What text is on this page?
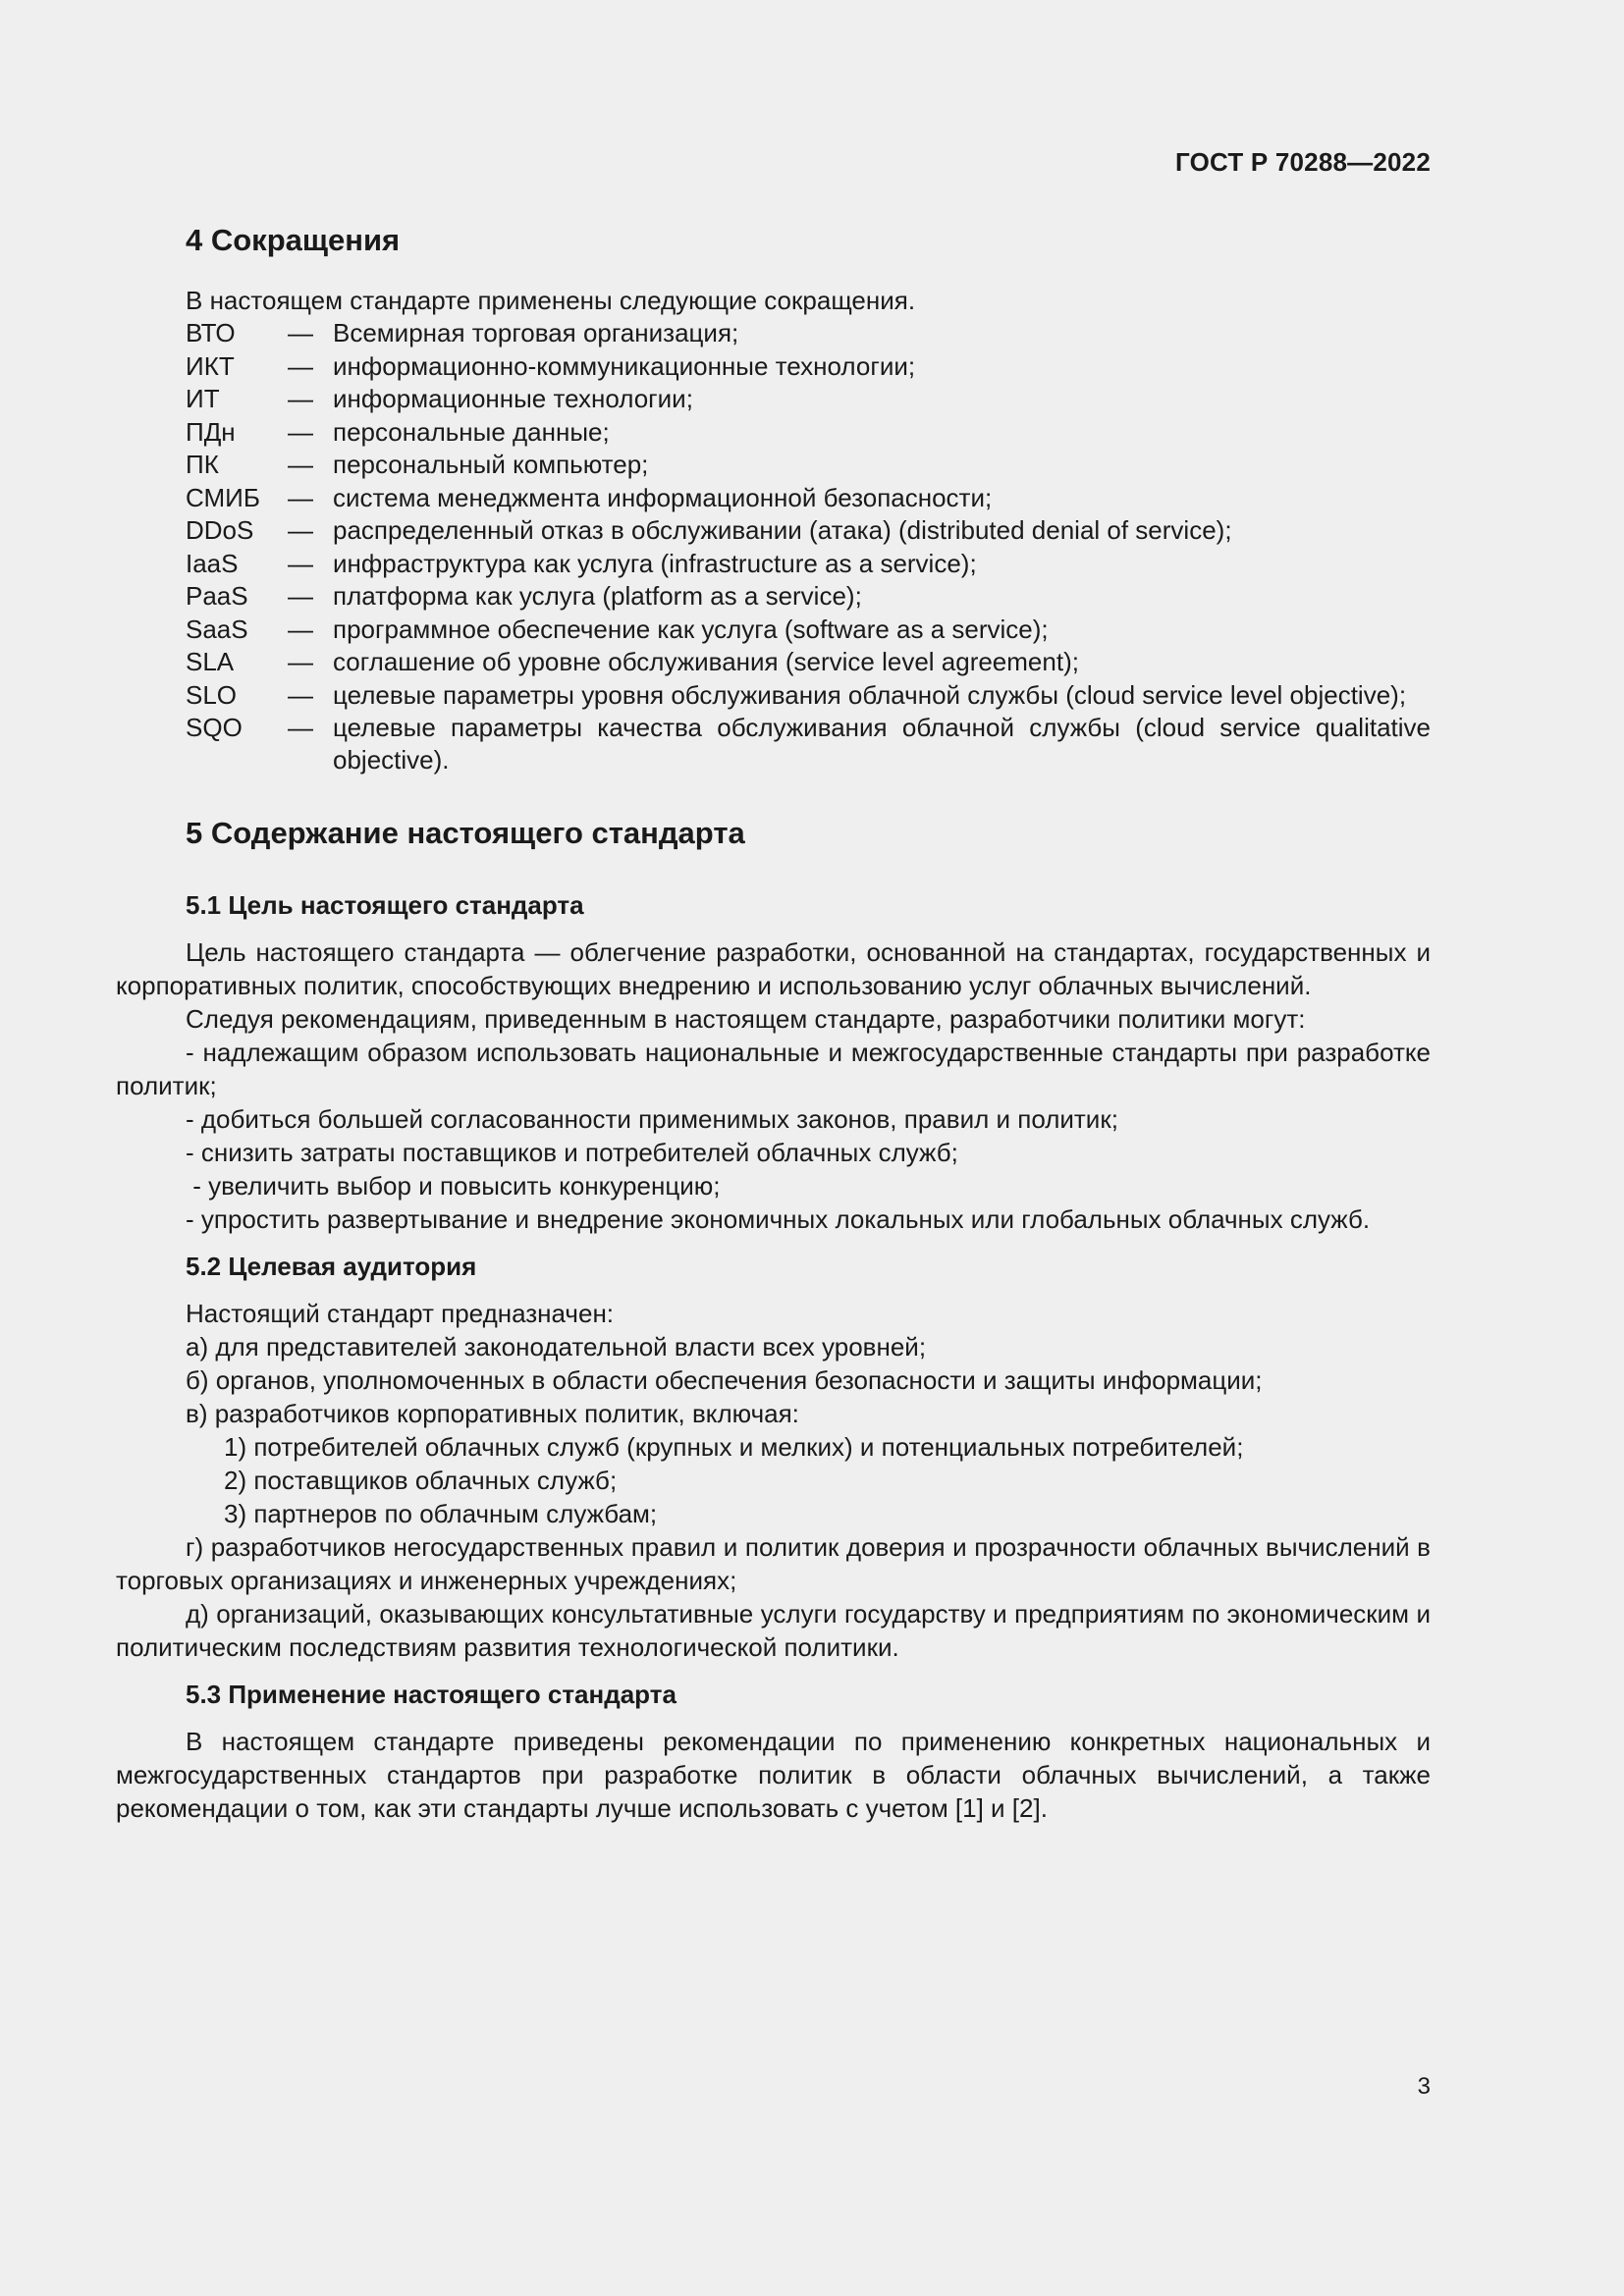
ГОСТ Р 70288—2022
4 Сокращения

В настоящем стандарте применены следующие сокращения.

ВТО	— Всемирная торговая организация;
ИКТ	— информационно-коммуникационные технологии;
ИТ	— информационные технологии;
ПДн	— персональные данные;
ПК	— персональный компьютер;
СМИБ	— система менеджмента информационной безопасности;
DDoS	— распределенный отказ в обслуживании (атака) (distributed denial of service);
IaaS	— инфраструктура как услуга (infrastructure as a service);
PaaS	— платформа как услуга (platform as a service);
SaaS	— программное обеспечение как услуга (software as a service);
SLA	— соглашение об уровне обслуживания (service level agreement);
SLO	— целевые параметры уровня обслуживания облачной службы (cloud service level objective);
SQO	— целевые параметры качества обслуживания облачной службы (cloud service qualitative objective).
5 Содержание настоящего стандарта
5.1 Цель настоящего стандарта

Цель настоящего стандарта — облегчение разработки, основанной на стандартах, государственных и корпоративных политик, способствующих внедрению и использованию услуг облачных вычислений.

Следуя рекомендациям, приведенным в настоящем стандарте, разработчики политики могут:

- надлежащим образом использовать национальные и межгосударственные стандарты при разработке политик;

- добиться большей согласованности применимых законов, правил и политик;

- снизить затраты поставщиков и потребителей облачных служб;

- увеличить выбор и повысить конкуренцию;

- упростить развертывание и внедрение экономичных локальных или глобальных облачных служб.

5.2 Целевая аудитория

Настоящий стандарт предназначен:

а) для представителей законодательной власти всех уровней;

б) органов, уполномоченных в области обеспечения безопасности и защиты информации;

в) разработчиков корпоративных политик, включая:

1) потребителей облачных служб (крупных и мелких) и потенциальных потребителей;

2) поставщиков облачных служб;

3) партнеров по облачным службам;

г) разработчиков негосударственных правил и политик доверия и прозрачности облачных вычислений в торговых организациях и инженерных учреждениях;

д) организаций, оказывающих консультативные услуги государству и предприятиям по экономическим и политическим последствиям развития технологической политики.

5.3 Применение настоящего стандарта

В настоящем стандарте приведены рекомендации по применению конкретных национальных и межгосударственных стандартов при разработке политик в области облачных вычислений, а также рекомендации о том, как эти стандарты лучше использовать с учетом [1] и [2].

3
